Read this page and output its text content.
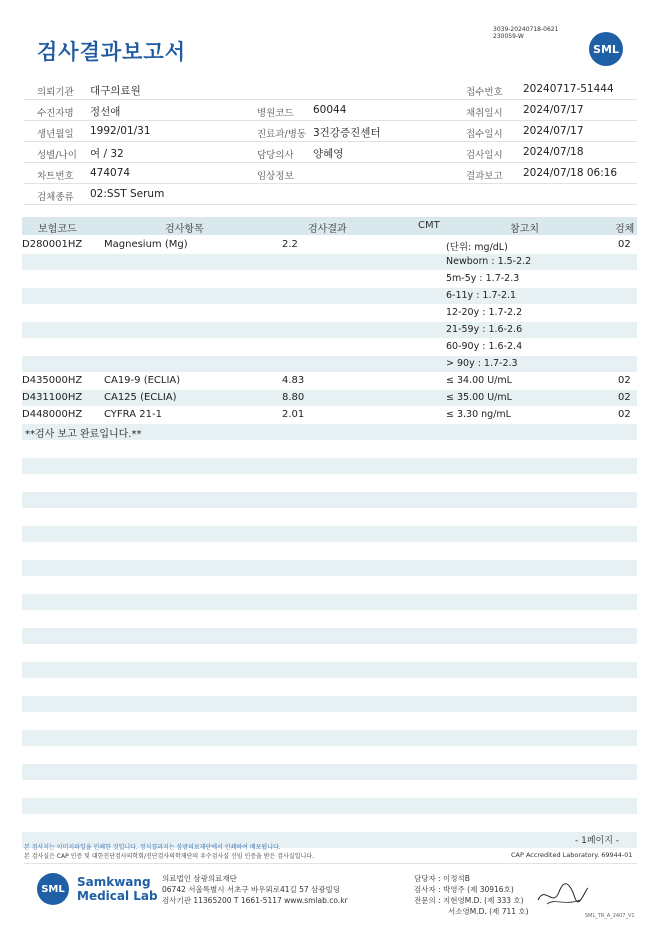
검사결과보고서
3039-20240718-0621
230059-W
SML
의뢰기관 대구의료원
수진자명 정선애
생년월일 1992/01/31
성별/나이 여 / 32
차트번호 474074
검체종류 02:SST Serum
병원코드 60044
진료과/병동 3건강증진센터
담당의사 양혜영
임상정보
접수번호 20240717-51444
채취일시 2024/07/17
접수일시 2024/07/17
검사일시 2024/07/18
결과보고 2024/07/18 06:16
보험코드	검사항목	검사결과	CMT	참고치	검체
D280001HZ Magnesium (Mg)	2.2	(단위: mg/dL)	02
Newborn : 1.5-2.2
5m-5y : 1.7-2.3
6-11y : 1.7-2.1
12-20y : 1.7-2.2
21-59y : 1.6-2.6
60-90y : 1.6-2.4
> 90y : 1.7-2.3
D435000HZ CA19-9 (ECLIA)	4.83	≤ 34.00 U/mL	02
D431100HZ CA125 (ECLIA)	8.80	≤ 35.00 U/mL	02
D448000HZ CYFRA 21-1	2.01	≤ 3.30 ng/mL	02
**검사 보고 완료입니다.**
본 검사지는 이미지파일을 인쇄한 것입니다. 정식결과지는 삼광의료재단에서 인쇄하여 배포됩니다.
본 검사실은 CAP 인증 및 대한진단검사의학회/진단검사의학재단의 우수검사실 신임 인증을 받은 검사실입니다.
- 1페이지 -
CAP Accredited Laboratory. 69944-01
SML	Samkwang
Medical Lab
의료법인 삼광의료재단
06742 서울특별시 서초구 바우뫼로41길 57 삼광빌딩
검사기관 11365200 T 1661-5117 www.smlab.co.kr
담당자 : 이정석B
검사자 : 박영주 (제 30916호)
전문의 : 지현영M.D. (제 333 호)
서소영M.D. (제 711 호)	SML_TR_A_2407_V1
